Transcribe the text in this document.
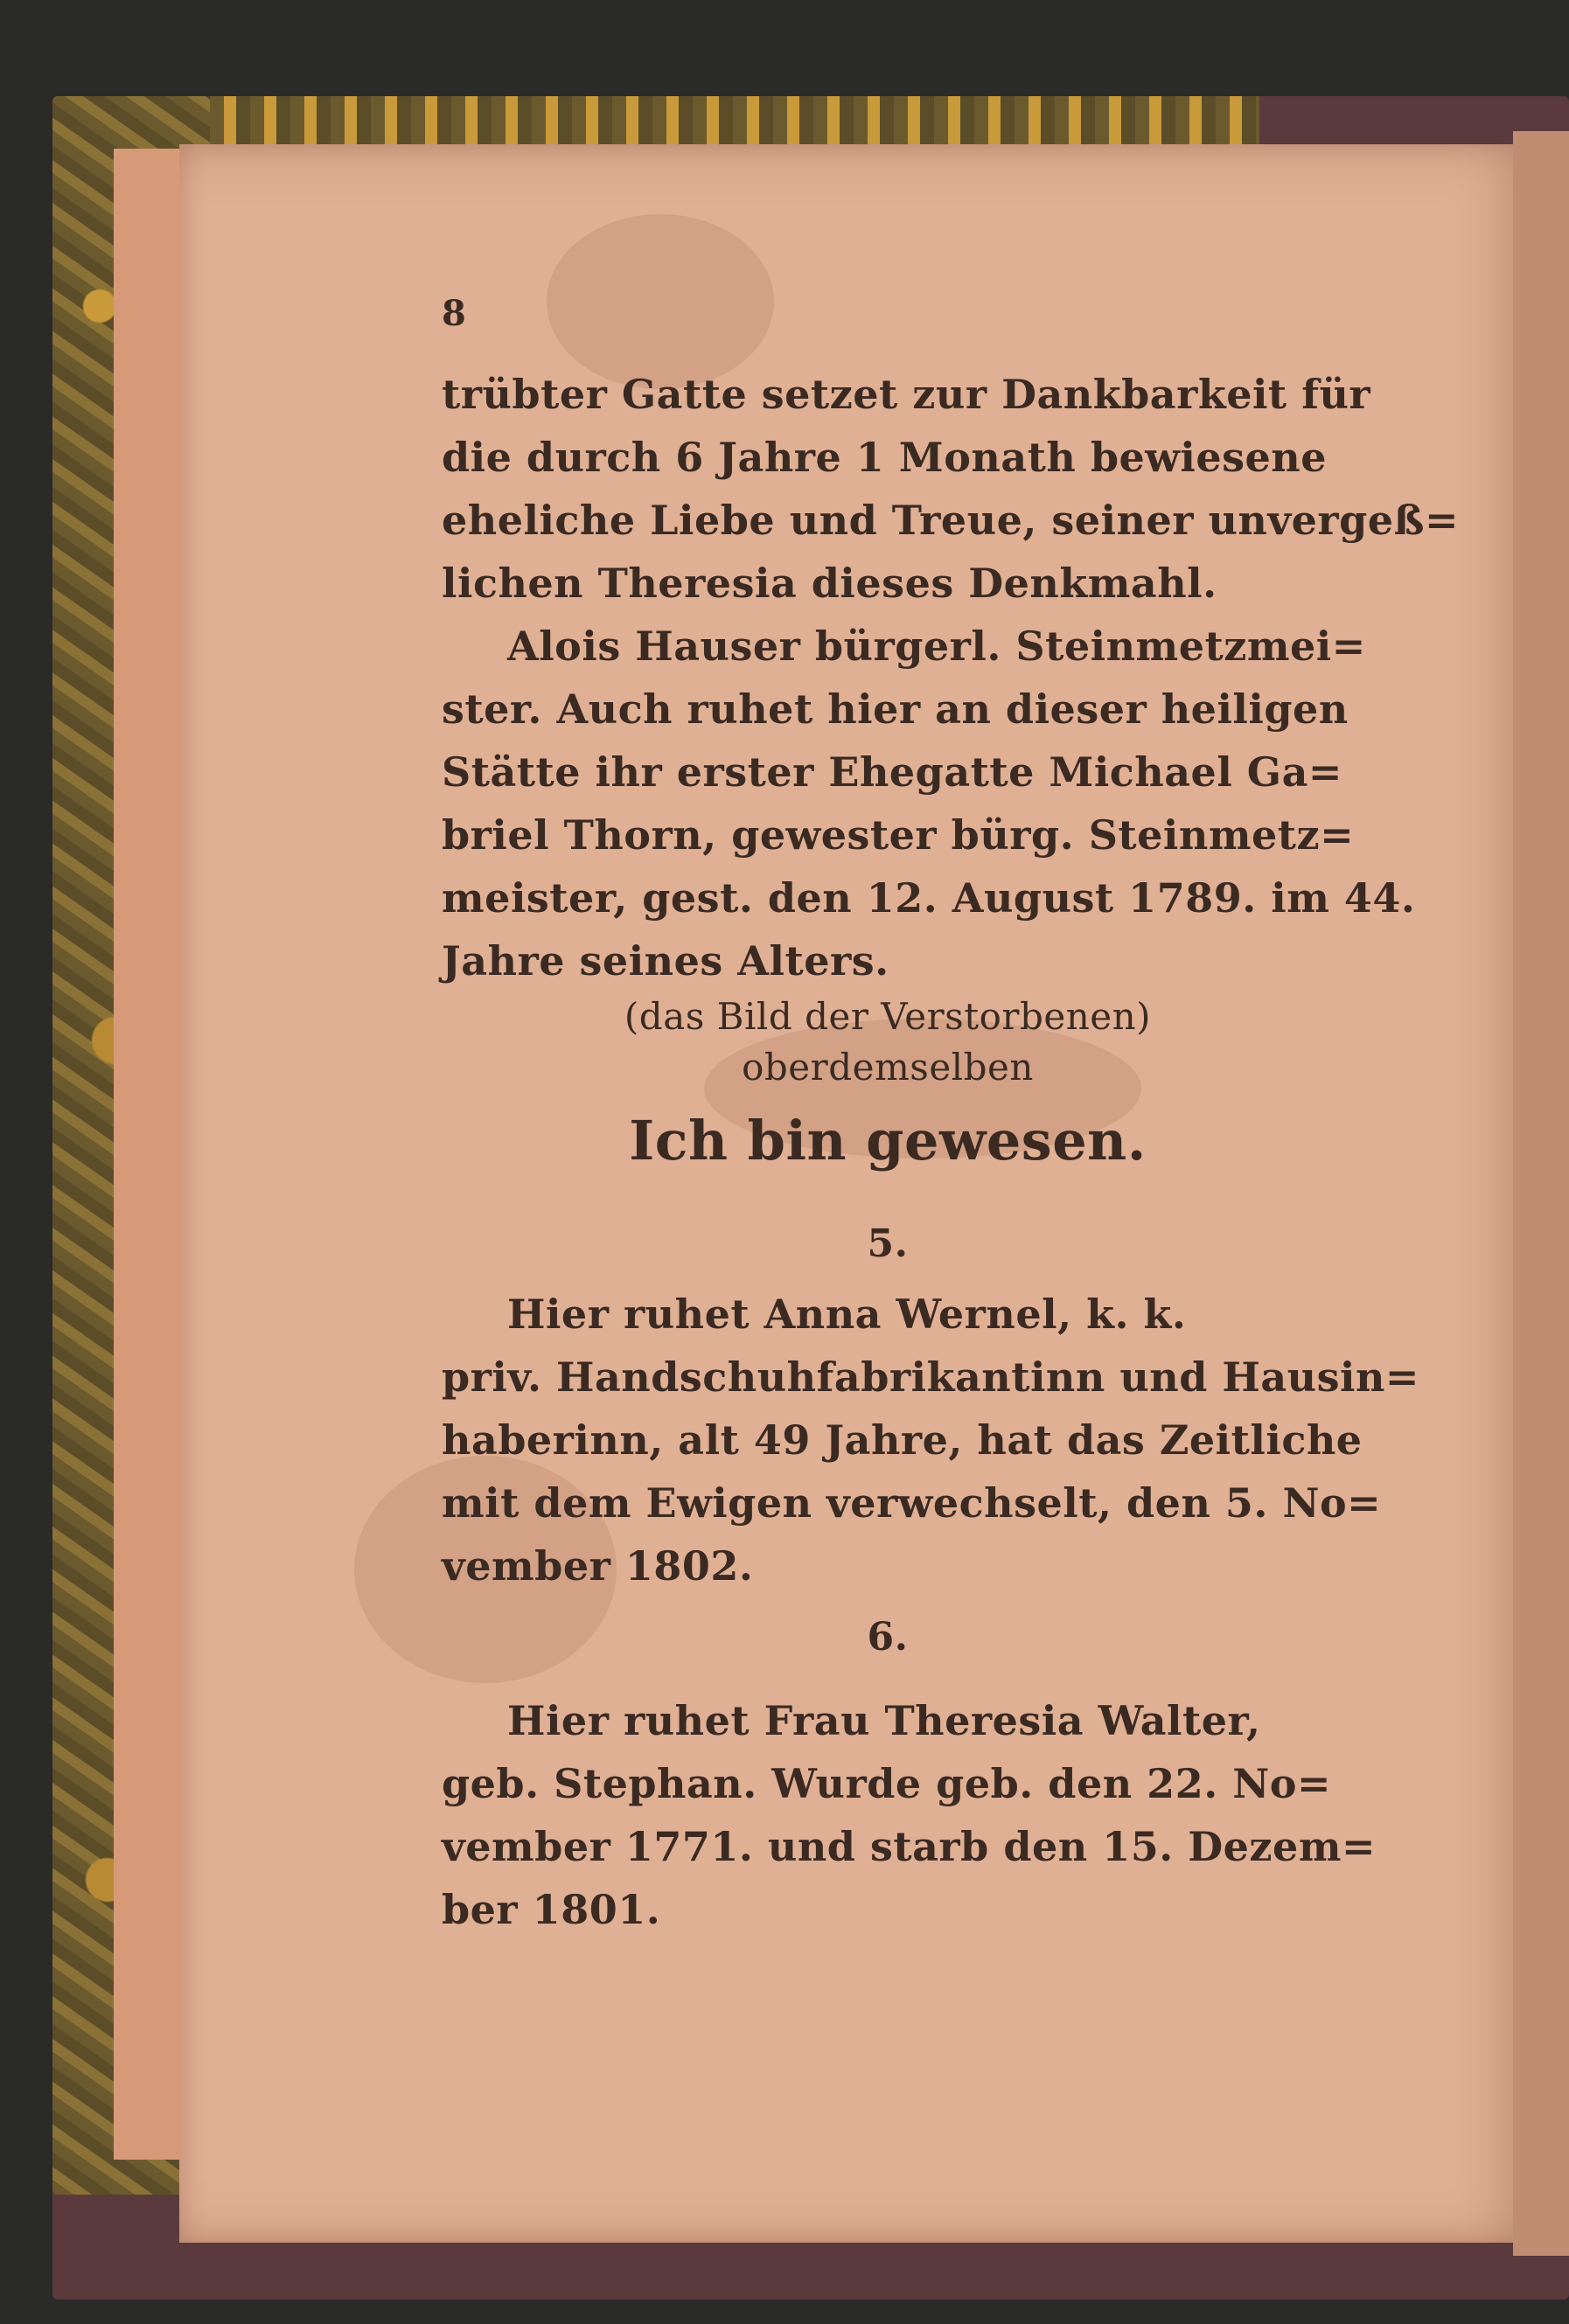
8
trübter Gatte setzet zur Dankbarkeit für
die durch 6 Jahre 1 Monath bewiesene
eheliche Liebe und Treue, seiner unvergeß=
lichen Theresia dieses Denkmahl.
Alois Hauser bürgerl. Steinmetzmei=
ster. Auch ruhet hier an dieser heiligen
Stätte ihr erster Ehegatte Michael Ga=
briel Thorn, gewester bürg. Steinmetz=
meister, gest. den 12. August 1789. im 44.
Jahre seines Alters.
(das Bild der Verstorbenen)
oberdemselben
Ich bin gewesen.
5.
Hier ruhet Anna Wernel, k. k.
priv. Handschuhfabrikantinn und Hausin=
haberinn, alt 49 Jahre, hat das Zeitliche
mit dem Ewigen verwechselt, den 5. No=
vember 1802.
6.
Hier ruhet Frau Theresia Walter,
geb. Stephan. Wurde geb. den 22. No=
vember 1771. und starb den 15. Dezem=
ber 1801.
